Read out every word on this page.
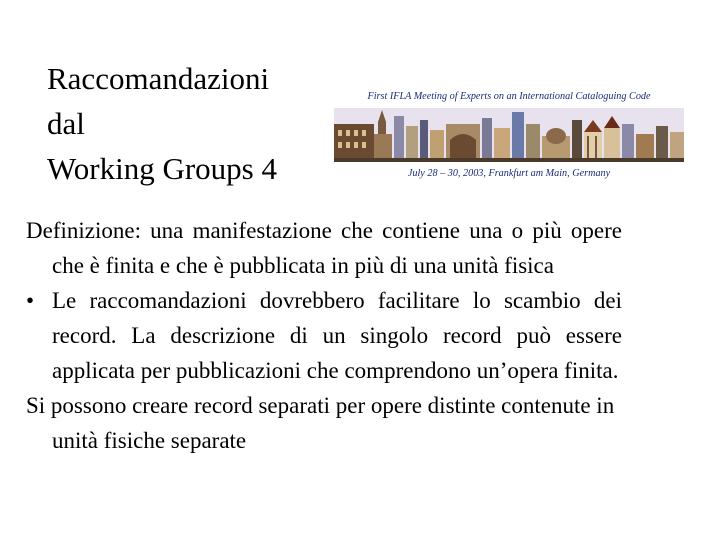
Raccomandazioni
dal
Working Groups 4
First IFLA Meeting of Experts on an International Cataloguing Code
July 28 – 30, 2003, Frankfurt am Main, Germany

Definizione: una manifestazione che contiene una o più opere che è finita e che è pubblicata in più di una unità fisica

• Le raccomandazioni dovrebbero facilitare lo scambio dei record. La descrizione di un singolo record può essere applicata per pubblicazioni che comprendono un’opera finita.

Si possono creare record separati per opere distinte contenute in unità fisiche separate
